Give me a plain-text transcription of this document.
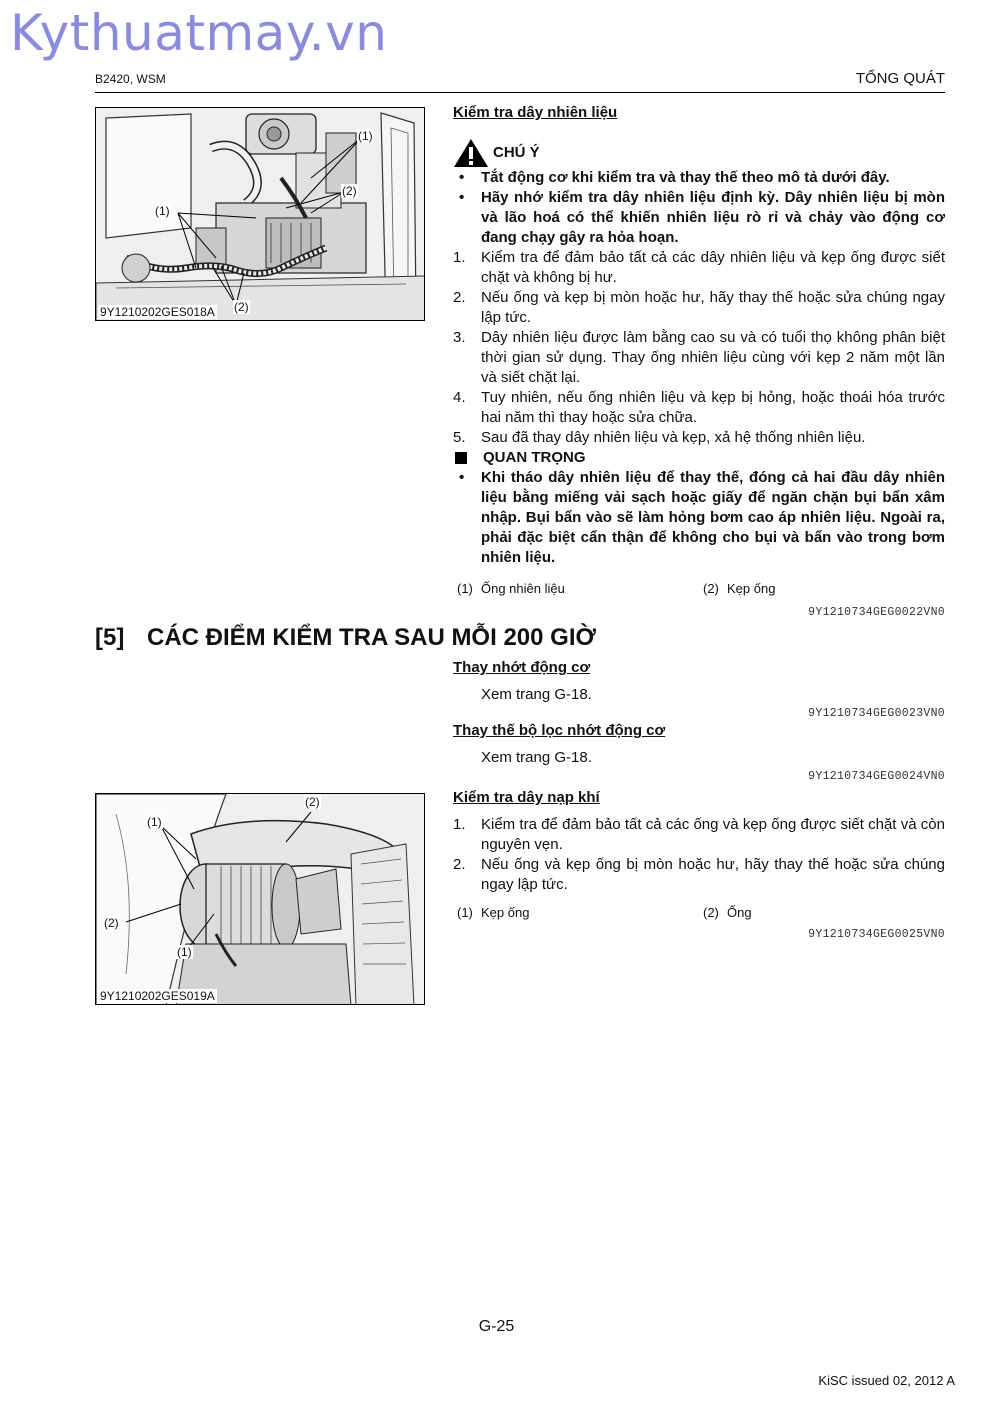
Kythuatmay.vn
B2420, WSM	TỔNG QUÁT
(1)
(2)
(1)
(2)
9Y1210202GES018A
Kiểm tra dây nhiên liệu
CHÚ Ý
•	Tắt động cơ khi kiểm tra và thay thế theo mô tả dưới đây.
•	Hãy nhớ kiểm tra dây nhiên liệu định kỳ. Dây nhiên liệu bị mòn và lão hoá có thể khiến nhiên liệu rò rỉ và chảy vào động cơ đang chạy gây ra hỏa hoạn.
1.	Kiểm tra để đảm bảo tất cả các dây nhiên liệu và kẹp ống được siết chặt và không bị hư.
2.	Nếu ống và kẹp bị mòn hoặc hư, hãy thay thế hoặc sửa chúng ngay lập tức.
3.	Dây nhiên liệu được làm bằng cao su và có tuổi thọ không phân biệt thời gian sử dụng. Thay ống nhiên liệu cùng với kẹp 2 năm một lần và siết chặt lại.
4.	Tuy nhiên, nếu ống nhiên liệu và kẹp bị hỏng, hoặc thoái hóa trước hai năm thì thay hoặc sửa chữa.
5.	Sau đã thay dây nhiên liệu và kẹp, xả hệ thống nhiên liệu.
QUAN TRỌNG
•	Khi tháo dây nhiên liệu để thay thế, đóng cả hai đầu dây nhiên liệu bằng miếng vải sạch hoặc giấy để ngăn chặn bụi bẩn xâm nhập. Bụi bẩn vào sẽ làm hỏng bơm cao áp nhiên liệu. Ngoài ra, phải đặc biệt cẩn thận để không cho bụi và bẩn vào trong bơm nhiên liệu.
(1) Ống nhiên liệu	(2) Kẹp ống
9Y1210734GEG0022VN0
[5] CÁC ĐIỂM KIỂM TRA SAU MỖI 200 GIỜ
Thay nhớt động cơ
Xem trang G-18.
9Y1210734GEG0023VN0
Thay thế bộ lọc nhớt động cơ
Xem trang G-18.
9Y1210734GEG0024VN0
(2)
(1)
(2)
(1)
9Y1210202GES019A
Kiểm tra dây nạp khí
1.	Kiểm tra để đảm bảo tất cả các ống và kẹp ống được siết chặt và còn nguyên vẹn.
2.	Nếu ống và kẹp ống bị mòn hoặc hư, hãy thay thế hoặc sửa chúng ngay lập tức.
(1) Kẹp ống	(2) Ống
9Y1210734GEG0025VN0
G-25
KiSC issued 02, 2012 A
